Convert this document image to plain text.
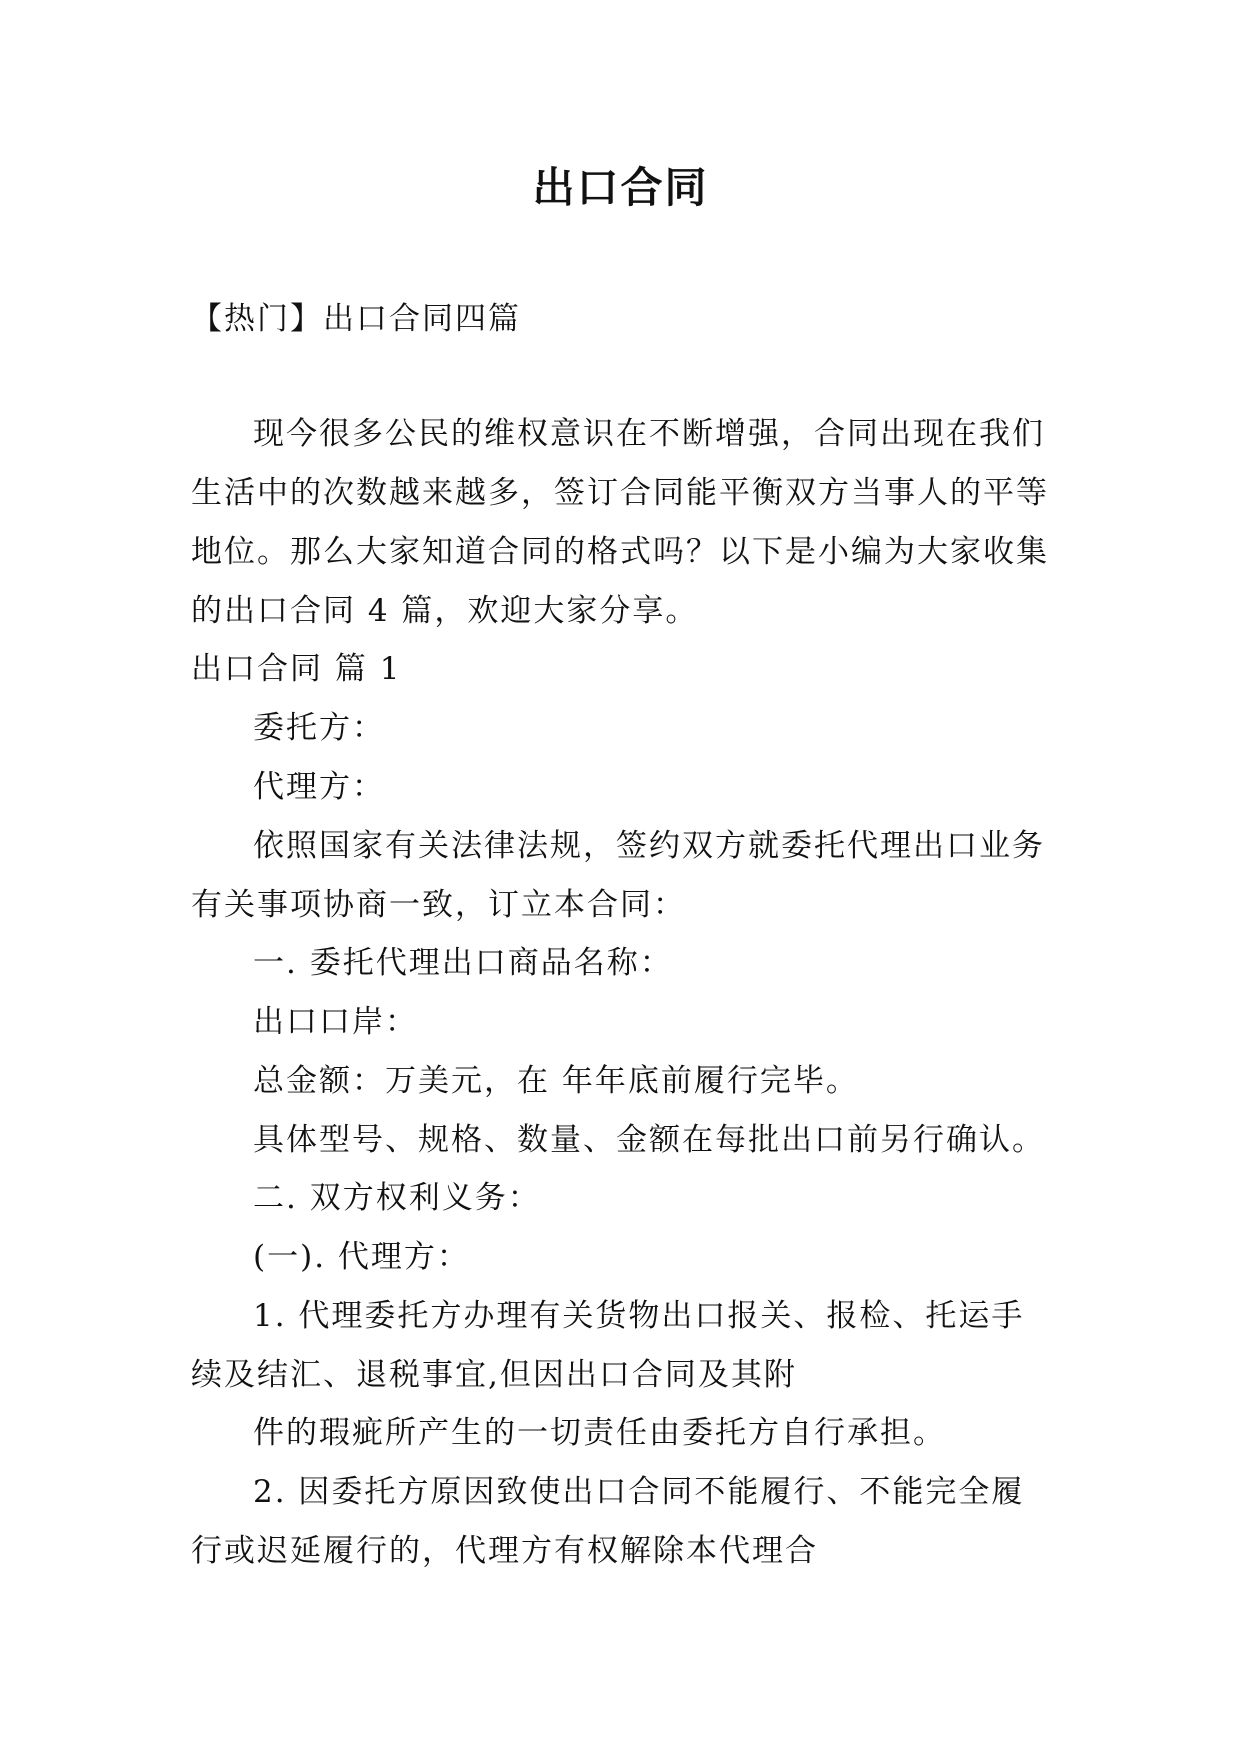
出口合同
【热门】出口合同四篇
现今很多公民的维权意识在不断增强，合同出现在我们
生活中的次数越来越多，签订合同能平衡双方当事人的平等
地位。那么大家知道合同的格式吗？以下是小编为大家收集
的出口合同 4 篇，欢迎大家分享。
出口合同 篇 1
委托方：
代理方：
依照国家有关法律法规，签约双方就委托代理出口业务
有关事项协商一致，订立本合同：
一. 委托代理出口商品名称：
出口口岸：
总金额：万美元，在 年年底前履行完毕。
具体型号、规格、数量、金额在每批出口前另行确认。
二. 双方权利义务：
(一). 代理方：
1. 代理委托方办理有关货物出口报关、报检、托运手
续及结汇、退税事宜,但因出口合同及其附
件的瑕疵所产生的一切责任由委托方自行承担。
2. 因委托方原因致使出口合同不能履行、不能完全履
行或迟延履行的，代理方有权解除本代理合
